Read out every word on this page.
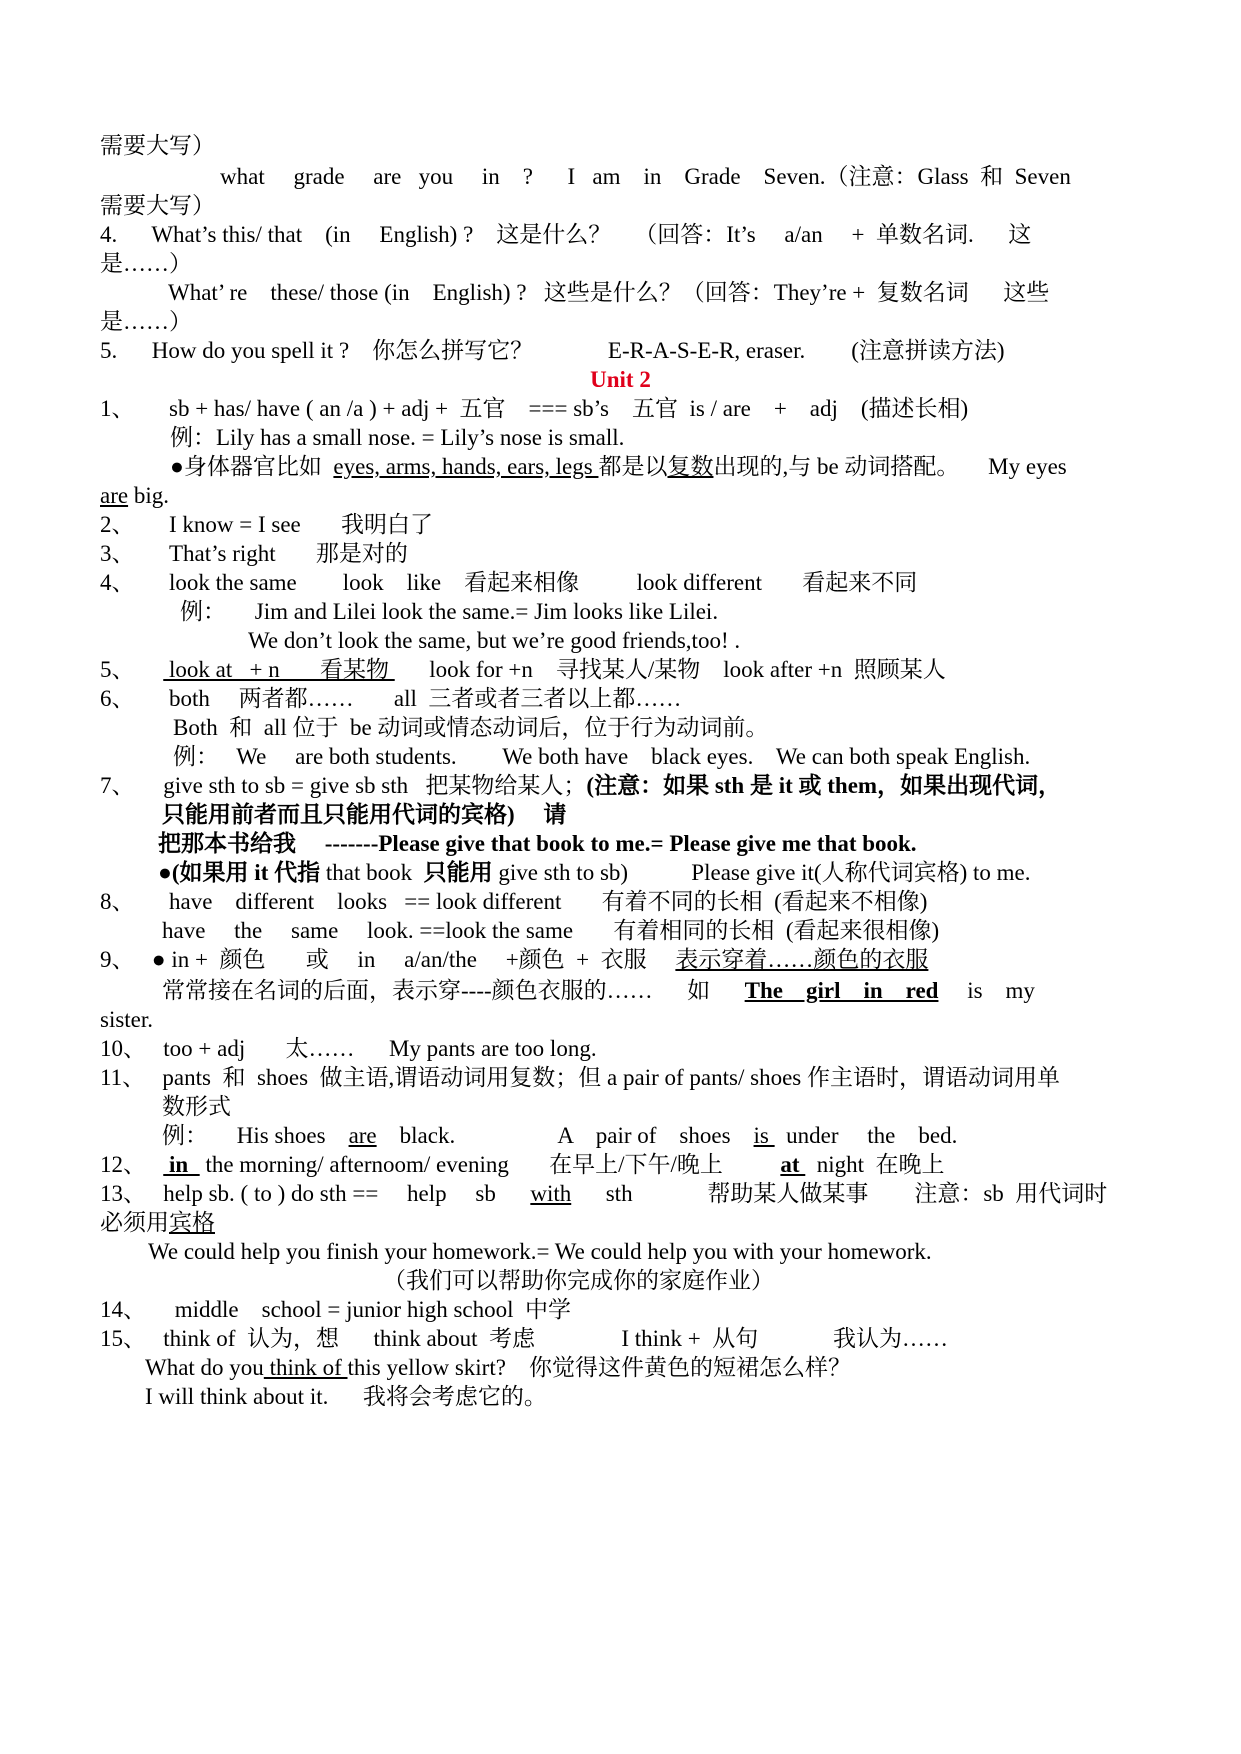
需要大写）
what     grade     are   you     in    ?      I   am    in    Grade    Seven.（注意：Glass  和  Seven
需要大写）
4.      What’s this/ that    (in     English) ?    这是什么？    （回答：It’s     a/an     +  单数名词.      这
是……）
What’ re    these/ those (in    English) ?   这些是什么？（回答：They’re +  复数名词      这些
是……）
5.      How do you spell it ?    你怎么拼写它？             E-R-A-S-E-R, eraser.        (注意拼读方法)
Unit 2
1、      sb + has/ have ( an /a ) + adj +  五官    === sb’s    五官  is / are    +    adj    (描述长相)
例：Lily has a small nose. = Lily’s nose is small.
●身体器官比如  eyes, arms, hands, ears, legs 都是以复数出现的,与 be 动词搭配。     My eyes
are big.
2、      I know = I see       我明白了
3、      That’s right       那是对的
4、      look the same        look    like    看起来相像          look different       看起来不同
例：     Jim and Lilei look the same.= Jim looks like Lilei.
We don’t look the same, but we’re good friends,too! .
5、      look at   + n       看某物       look for +n    寻找某人/某物    look after +n  照顾某人
6、      both     两者都……       all  三者或者三者以上都……
Both  和  all 位于  be 动词或情态动词后，位于行为动词前。
例：   We     are both students.        We both have    black eyes.    We can both speak English.
7、     give sth to sb = give sb sth   把某物给某人；(注意：如果 sth 是 it 或 them，如果出现代词，
只能用前者而且只能用代词的宾格)     请
把那本书给我     -------Please give that book to me.= Please give me that book.
●(如果用 it 代指 that book  只能用 give sth to sb)           Please give it(人称代词宾格) to me.
8、      have    different    looks   == look different       有着不同的长相  (看起来不相像)
have     the     same     look. ==look the same       有着相同的长相  (看起来很相像)
9、   ● in +  颜色       或     in     a/an/the     +颜色  +  衣服     表示穿着……颜色的衣服
常常接在名词的后面，表示穿----颜色衣服的……      如      The    girl    in    red     is    my
sister.
10、   too + adj       太……      My pants are too long.
11、   pants  和  shoes  做主语,谓语动词用复数；但 a pair of pants/ shoes 作主语时，谓语动词用单
数形式
例：     His shoes    are    black.                  A    pair of    shoes    is   under     the    bed.
12、    in   the morning/ afternoom/ evening       在早上/下午/晚上          at   night  在晚上
13、   help sb. ( to ) do sth ==     help     sb      with      sth             帮助某人做某事        注意：sb  用代词时
必须用宾格
We could help you finish your homework.= We could help you with your homework.
（我们可以帮助你完成你的家庭作业）
14、     middle    school = junior high school  中学
15、   think of  认为，想      think about  考虑               I think +  从句             我认为……
What do you think of this yellow skirt?    你觉得这件黄色的短裙怎么样？
I will think about it.      我将会考虑它的。
